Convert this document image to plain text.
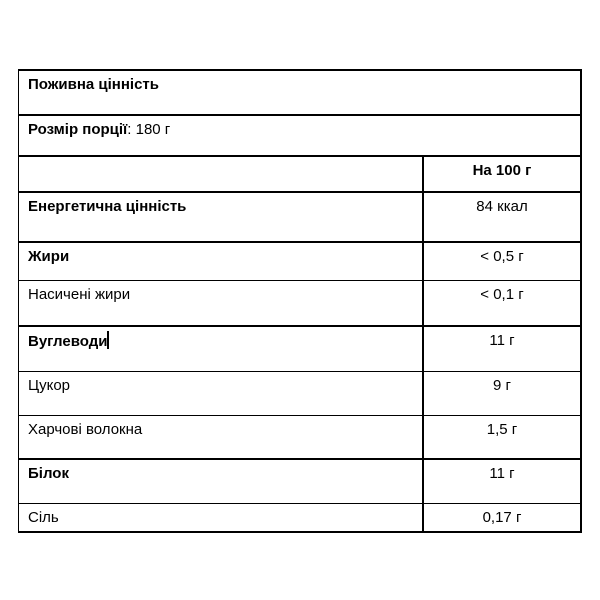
Поживна цінність
Розмір порції: 180 г
На 100 г
Енергетична цінність	84 ккал
Жири	< 0,5 г
Насичені жири	< 0,1 г
Вуглеводи	11 г
Цукор	9 г
Харчові волокна	1,5 г
Білок	11 г
Сіль	0,17 г
